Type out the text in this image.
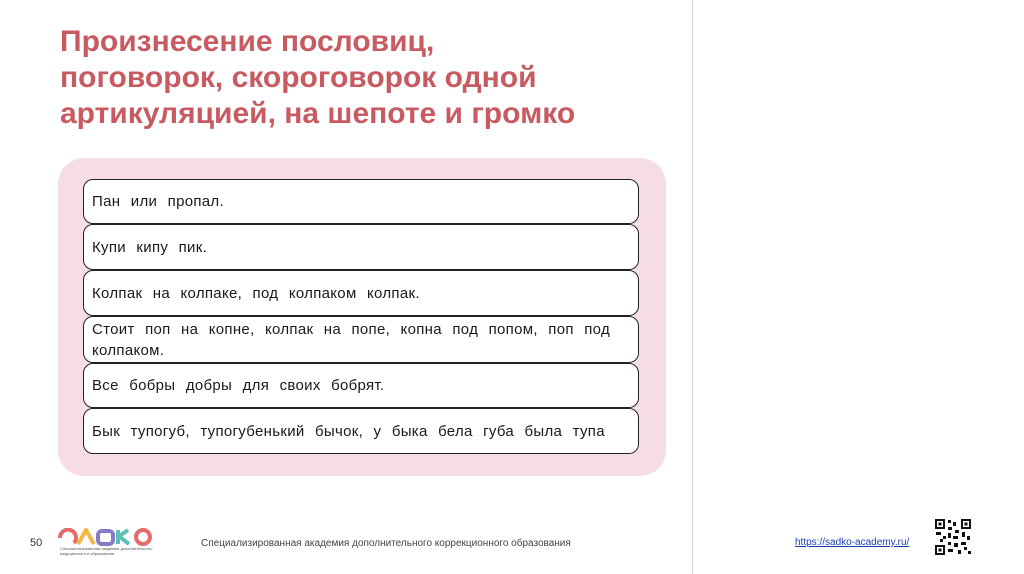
Произнесение пословиц,
поговорок, скороговорок одной
артикуляцией, на шепоте и громко
Пан или пропал.
Купи кипу пик.
Колпак на колпаке, под колпаком колпак.
Стоит поп на копне, колпак на попе, копна под попом, поп под колпаком.
Все бобры добры для своих бобрят.
Бык тупогуб, тупогубенький бычок, у быка бела губа была тупа
50	Специализированная академия дополнительного медицинского и образования
Специализированная академия дополнительного коррекционного образования	https://sadko-academy.ru/
